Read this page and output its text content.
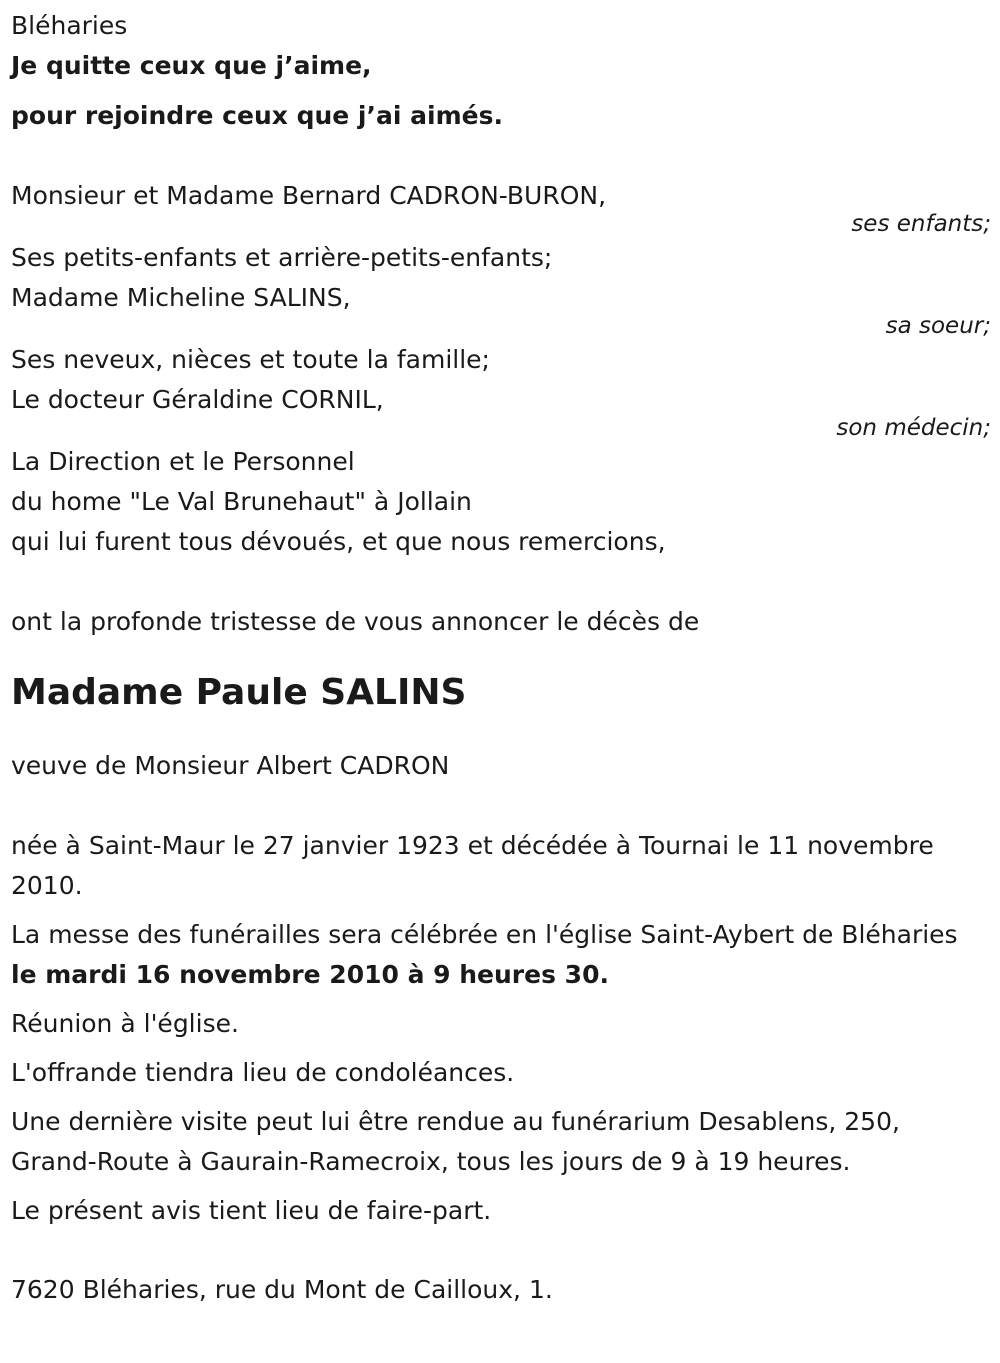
Bléharies
Je quitte ceux que j’aime,
pour rejoindre ceux que j’ai aimés.
Monsieur et Madame Bernard CADRON-BURON,
ses enfants;
Ses petits-enfants et arrière-petits-enfants;
Madame Micheline SALINS,
sa soeur;
Ses neveux, nièces et toute la famille;
Le docteur Géraldine CORNIL,
son médecin;
La Direction et le Personnel
du home "Le Val Brunehaut" à Jollain
qui lui furent tous dévoués, et que nous remercions,
ont la profonde tristesse de vous annoncer le décès de
Madame Paule SALINS
veuve de Monsieur Albert CADRON
née à Saint-Maur le 27 janvier 1923 et décédée à Tournai le 11 novembre 2010.
La messe des funérailles sera célébrée en l'église Saint-Aybert de Bléharies le mardi 16 novembre 2010 à 9 heures 30.
Réunion à l'église.
L'offrande tiendra lieu de condoléances.
Une dernière visite peut lui être rendue au funérarium Desablens, 250, Grand-Route à Gaurain-Ramecroix, tous les jours de 9 à 19 heures.
Le présent avis tient lieu de faire-part.
7620 Bléharies, rue du Mont de Cailloux, 1.
